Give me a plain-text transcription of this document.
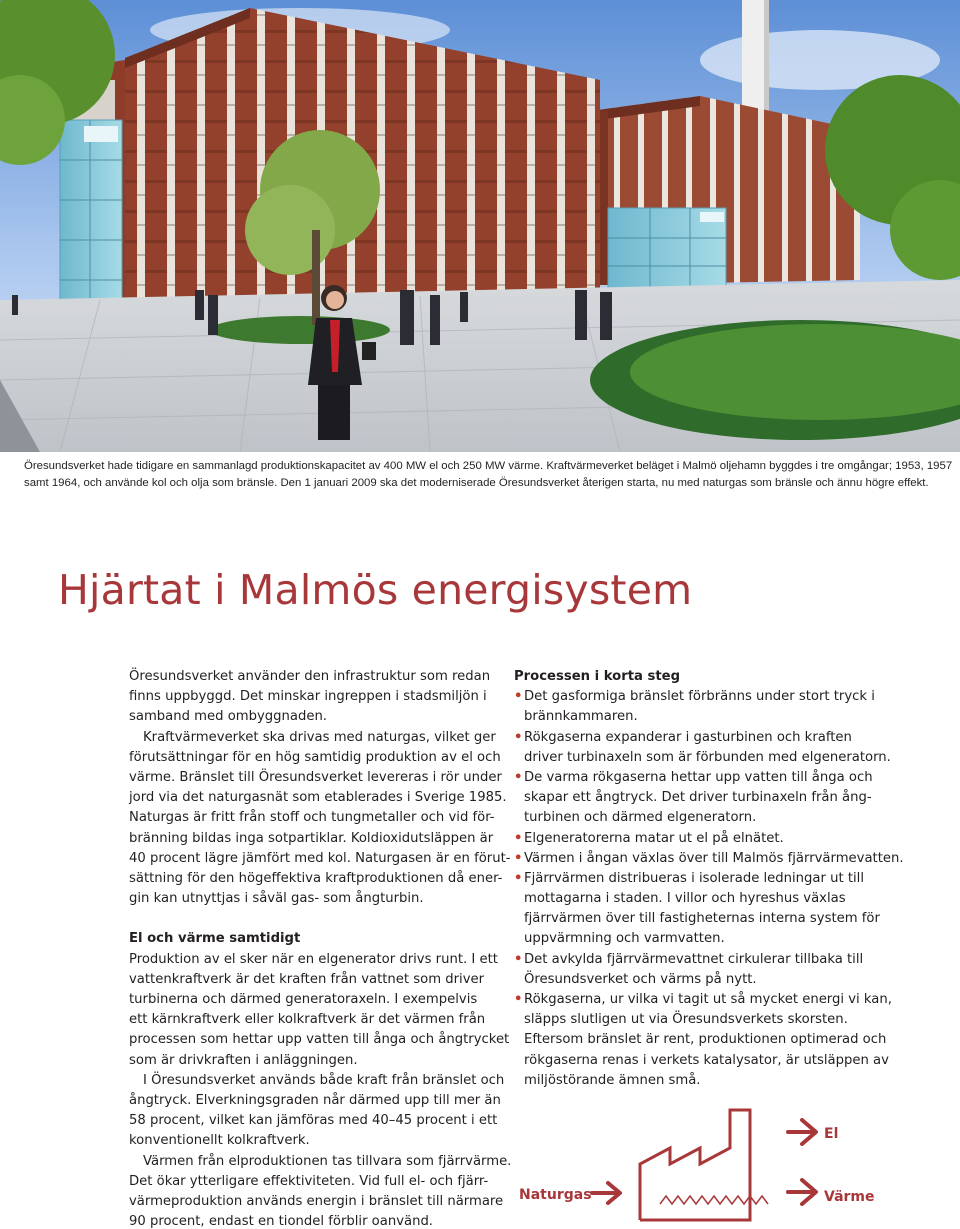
Öresundsverket hade tidigare en sammanlagd produktionskapacitet av 400 MW el och 250 MW värme. Kraftvärmeverket beläget i Malmö oljehamn byggdes i tre omgångar; 1953, 1957

samt 1964, och använde kol och olja som bränsle. Den 1 januari 2009 ska det moderniserade Öresundsverket återigen starta, nu med naturgas som bränsle och ännu högre effekt.

Hjärtat i Malmös energisystem
Öresundsverket använder den infrastruktur som redan
finns uppbyggd. Det minskar ingreppen i stadsmiljön i
samband med ombyggnaden.
Kraftvärmeverket ska drivas med naturgas, vilket ger
förutsättningar för en hög samtidig produktion av el och
värme. Bränslet till Öresundsverket levereras i rör under
jord via det naturgasnät som etablerades i Sverige 1985.
Naturgas är fritt från stoff och tungmetaller och vid för-
bränning bildas inga sotpartiklar. Koldioxidutsläppen är
40 procent lägre jämfört med kol. Naturgasen är en förut-
sättning för den högeffektiva kraftproduktionen då ener-
gin kan utnyttjas i såväl gas- som ångturbin.
El och värme samtidigt
Produktion av el sker när en elgenerator drivs runt. I ett
vattenkraftverk är det kraften från vattnet som driver
turbinerna och därmed generatoraxeln. I exempelvis
ett kärnkraftverk eller kolkraftverk är det värmen från
processen som hettar upp vatten till ånga och ångtrycket
som är drivkraften i anläggningen.
I Öresundsverket används både kraft från bränslet och
ångtryck. Elverkningsgraden når därmed upp till mer än
58 procent, vilket kan jämföras med 40–45 procent i ett
konventionellt kolkraftverk.
Värmen från elproduktionen tas tillvara som fjärrvärme.
Det ökar ytterligare effektiviteten. Vid full el- och fjärr-
värmeproduktion används energin i bränslet till närmare
90 procent, endast en tiondel förblir oanvänd.
Processen i korta steg
• Det gasformiga bränslet förbränns under stort tryck i
brännkammaren.
• Rökgaserna expanderar i gasturbinen och kraften
driver turbinaxeln som är förbunden med elgeneratorn.
• De varma rökgaserna hettar upp vatten till ånga och
skapar ett ångtryck. Det driver turbinaxeln från ång-
turbinen och därmed elgeneratorn.
• Elgeneratorerna matar ut el på elnätet.
• Värmen i ångan växlas över till Malmös fjärrvärmevatten.
• Fjärrvärmen distribueras i isolerade ledningar ut till
mottagarna i staden. I villor och hyreshus växlas
fjärrvärmen över till fastigheternas interna system för
uppvärmning och varmvatten.
• Det avkylda fjärrvärmevattnet cirkulerar tillbaka till
Öresundsverket och värms på nytt.
• Rökgaserna, ur vilka vi tagit ut så mycket energi vi kan,
släpps slutligen ut via Öresundsverkets skorsten.
Eftersom bränslet är rent, produktionen optimerad och
rökgaserna renas i verkets katalysator, är utsläppen av
miljöstörande ämnen små.
Naturgas
El
Värme
